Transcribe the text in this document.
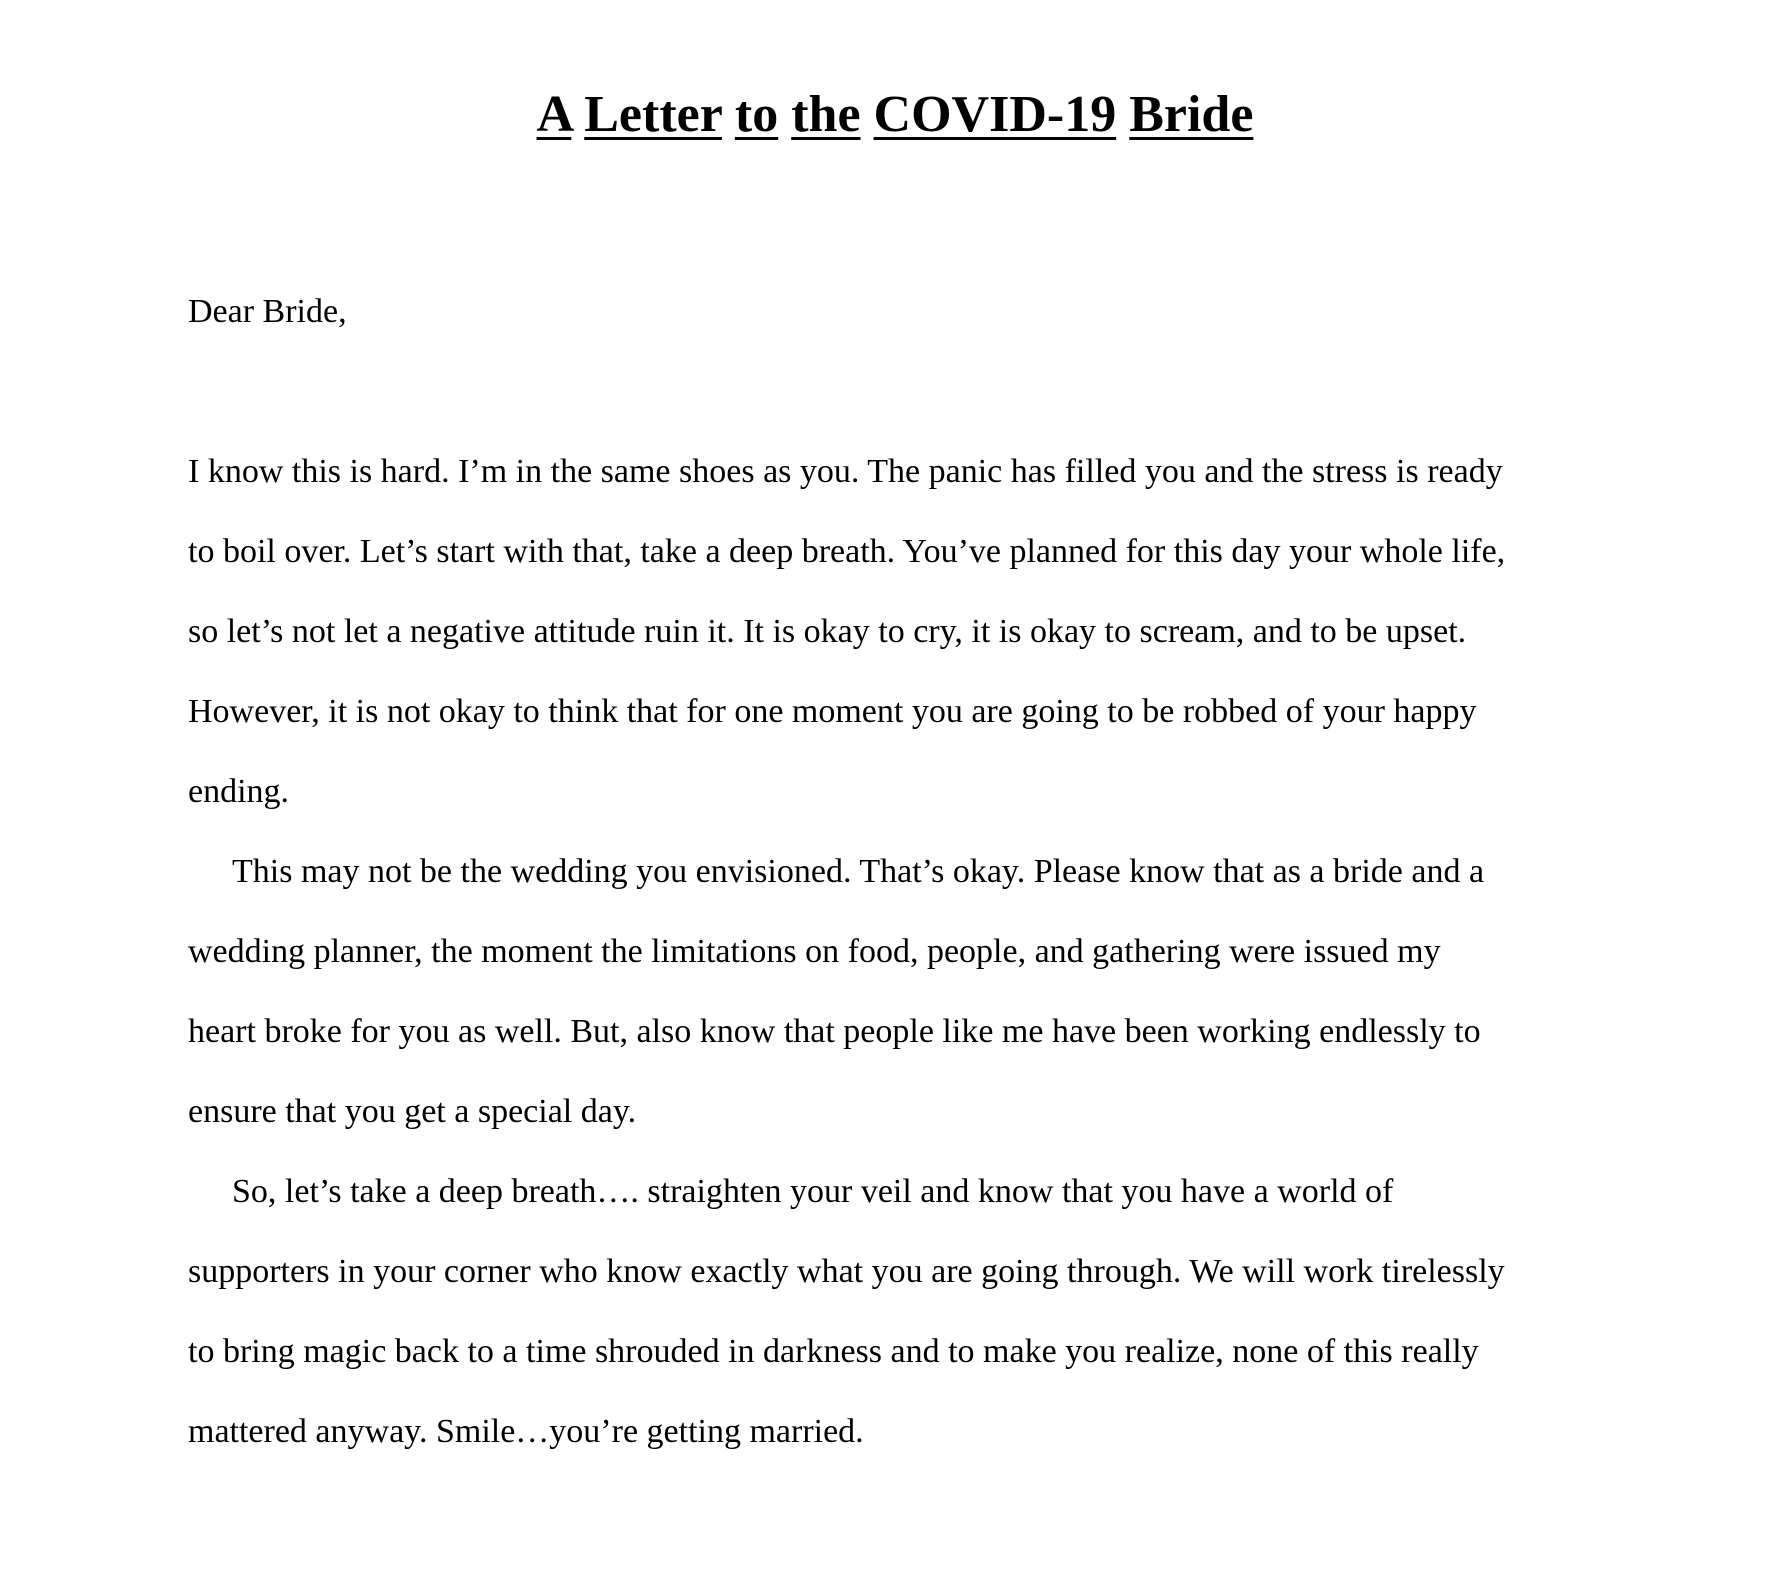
A Letter to the COVID-19 Bride

Dear Bride,

I know this is hard. I’m in the same shoes as you. The panic has filled you and the stress is ready

to boil over. Let’s start with that, take a deep breath. You’ve planned for this day your whole life,

so let’s not let a negative attitude ruin it. It is okay to cry, it is okay to scream, and to be upset.

However, it is not okay to think that for one moment you are going to be robbed of your happy

ending.

This may not be the wedding you envisioned. That’s okay. Please know that as a bride and a

wedding planner, the moment the limitations on food, people, and gathering were issued my

heart broke for you as well. But, also know that people like me have been working endlessly to

ensure that you get a special day.

So, let’s take a deep breath…. straighten your veil and know that you have a world of

supporters in your corner who know exactly what you are going through. We will work tirelessly

to bring magic back to a time shrouded in darkness and to make you realize, none of this really

mattered anyway. Smile…you’re getting married.
